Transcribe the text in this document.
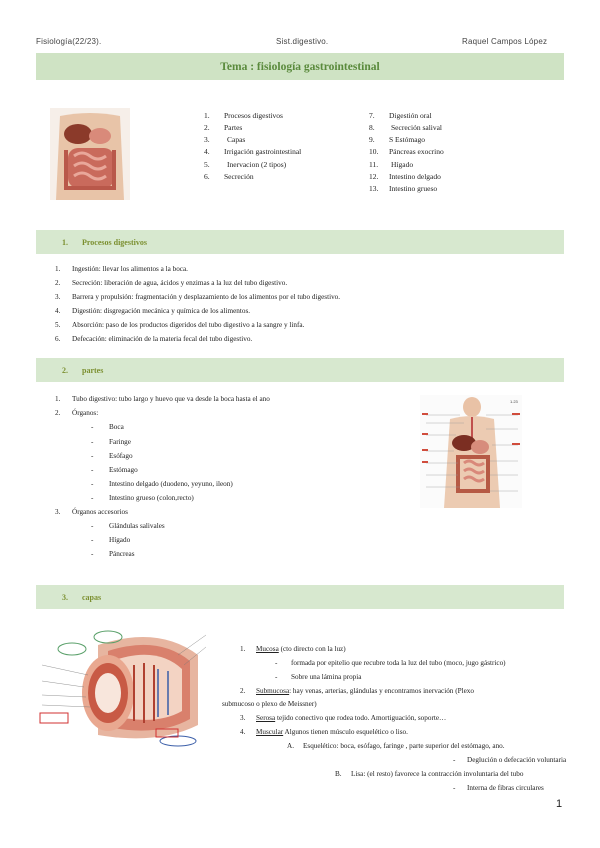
Fisiología(22/23).	Sist.digestivo.	Raquel Campos López
Tema : fisiología gastrointestinal
1.	Procesos digestivos
2.	Partes
3.	Capas
4.	Irrigación gastrointestinal
5.	Inervacion (2 tipos)
6.	Secreción
7.	Digestión oral
8.	Secreción salival
9.	S Estómago
10.	Páncreas exocrino
11.	Hígado
12.	Intestino delgado
13.	Intestino grueso
1.	Procesos digestivos
1.	Ingestión: llevar los alimentos a la boca.
2.	Secreción: liberación de agua, ácidos y enzimas a la luz del tubo digestivo.
3.	Barrera y propulsión: fragmentación y desplazamiento de los alimentos por el tubo digestivo.
4.	Digestión: disgregación mecánica y química de los alimentos.
5.	Absorción: paso de los productos digeridos del tubo digestivo a la sangre y linfa.
6.	Defecación: eliminación de la materia fecal del tubo digestivo.
2.	partes
1.	Tubo digestivo: tubo largo y huevo que va desde la boca hasta el ano
2.	Órganos:
-	Boca
-	Faringe
-	Esófago
-	Estómago
-	Intestino delgado (duodeno, yeyuno, ileon)
-	Intestino grueso (colon,recto)
3.	Órganos accesorios
-	Glándulas salivales
-	Hígado
-	Páncreas
1.23
3.	capas
1. Mucosa (cto directo con la luz)
- formada por epitelio que recubre toda la luz del tubo (moco, jugo gástrico)
- Sobre una lámina propia
2. Submucosa: hay venas, arterias, glándulas y encontramos inervación (Plexo
submucoso o plexo de Meissner)
3. Serosa tejido conectivo que rodea todo. Amortiguación, soporte…
4. Muscular Algunos tienen músculo esquelético o liso.
A. Esquelético: boca, esófago, faringe , parte superior del estómago, ano.
- Deglución o defecación voluntaria
B. Lisa: (el resto) favorece la contracción involuntaria del tubo
- Interna de fibras circulares
1
